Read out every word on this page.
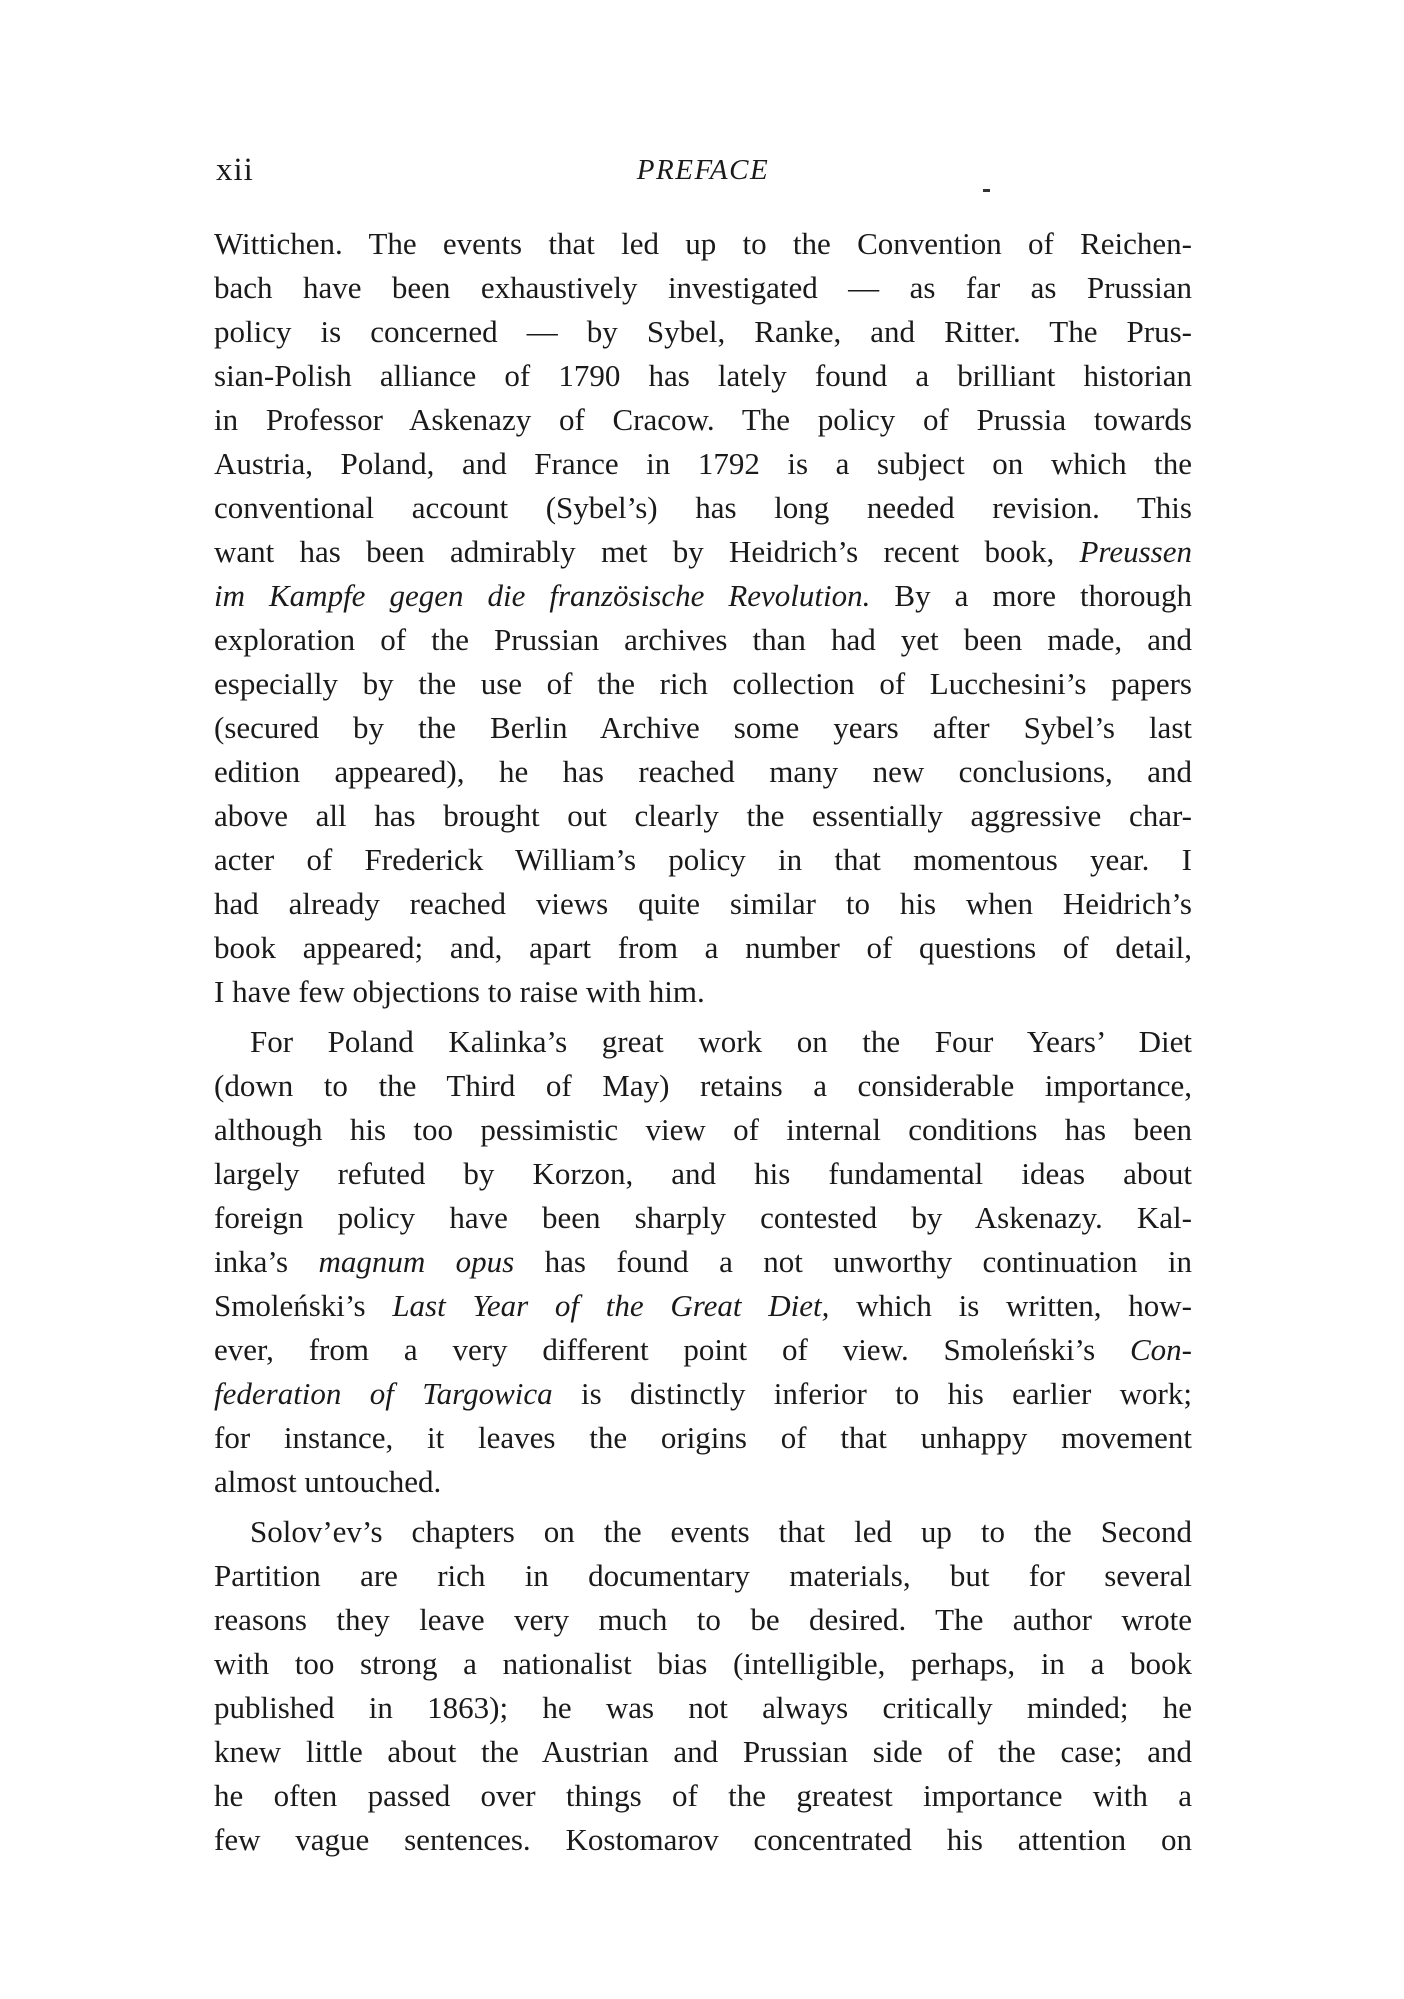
xii	PREFACE
Wittichen. The events that led up to the Convention of Reichen-
bach have been exhaustively investigated — as far as Prussian
policy is concerned — by Sybel, Ranke, and Ritter. The Prus-
sian-Polish alliance of 1790 has lately found a brilliant historian
in Professor Askenazy of Cracow. The policy of Prussia towards
Austria, Poland, and France in 1792 is a subject on which the
conventional account (Sybel’s) has long needed revision. This
want has been admirably met by Heidrich’s recent book, Preussen
im Kampfe gegen die französische Revolution. By a more thorough
exploration of the Prussian archives than had yet been made, and
especially by the use of the rich collection of Lucchesini’s papers
(secured by the Berlin Archive some years after Sybel’s last
edition appeared), he has reached many new conclusions, and
above all has brought out clearly the essentially aggressive char-
acter of Frederick William’s policy in that momentous year. I
had already reached views quite similar to his when Heidrich’s
book appeared; and, apart from a number of questions of detail,
I have few objections to raise with him.
For Poland Kalinka’s great work on the Four Years’ Diet
(down to the Third of May) retains a considerable importance,
although his too pessimistic view of internal conditions has been
largely refuted by Korzon, and his fundamental ideas about
foreign policy have been sharply contested by Askenazy. Kal-
inka’s magnum opus has found a not unworthy continuation in
Smoleński’s Last Year of the Great Diet, which is written, how-
ever, from a very different point of view. Smoleński’s Con-
federation of Targowica is distinctly inferior to his earlier work;
for instance, it leaves the origins of that unhappy movement
almost untouched.
Solov’ev’s chapters on the events that led up to the Second
Partition are rich in documentary materials, but for several
reasons they leave very much to be desired. The author wrote
with too strong a nationalist bias (intelligible, perhaps, in a book
published in 1863); he was not always critically minded; he
knew little about the Austrian and Prussian side of the case; and
he often passed over things of the greatest importance with a
few vague sentences. Kostomarov concentrated his attention on
